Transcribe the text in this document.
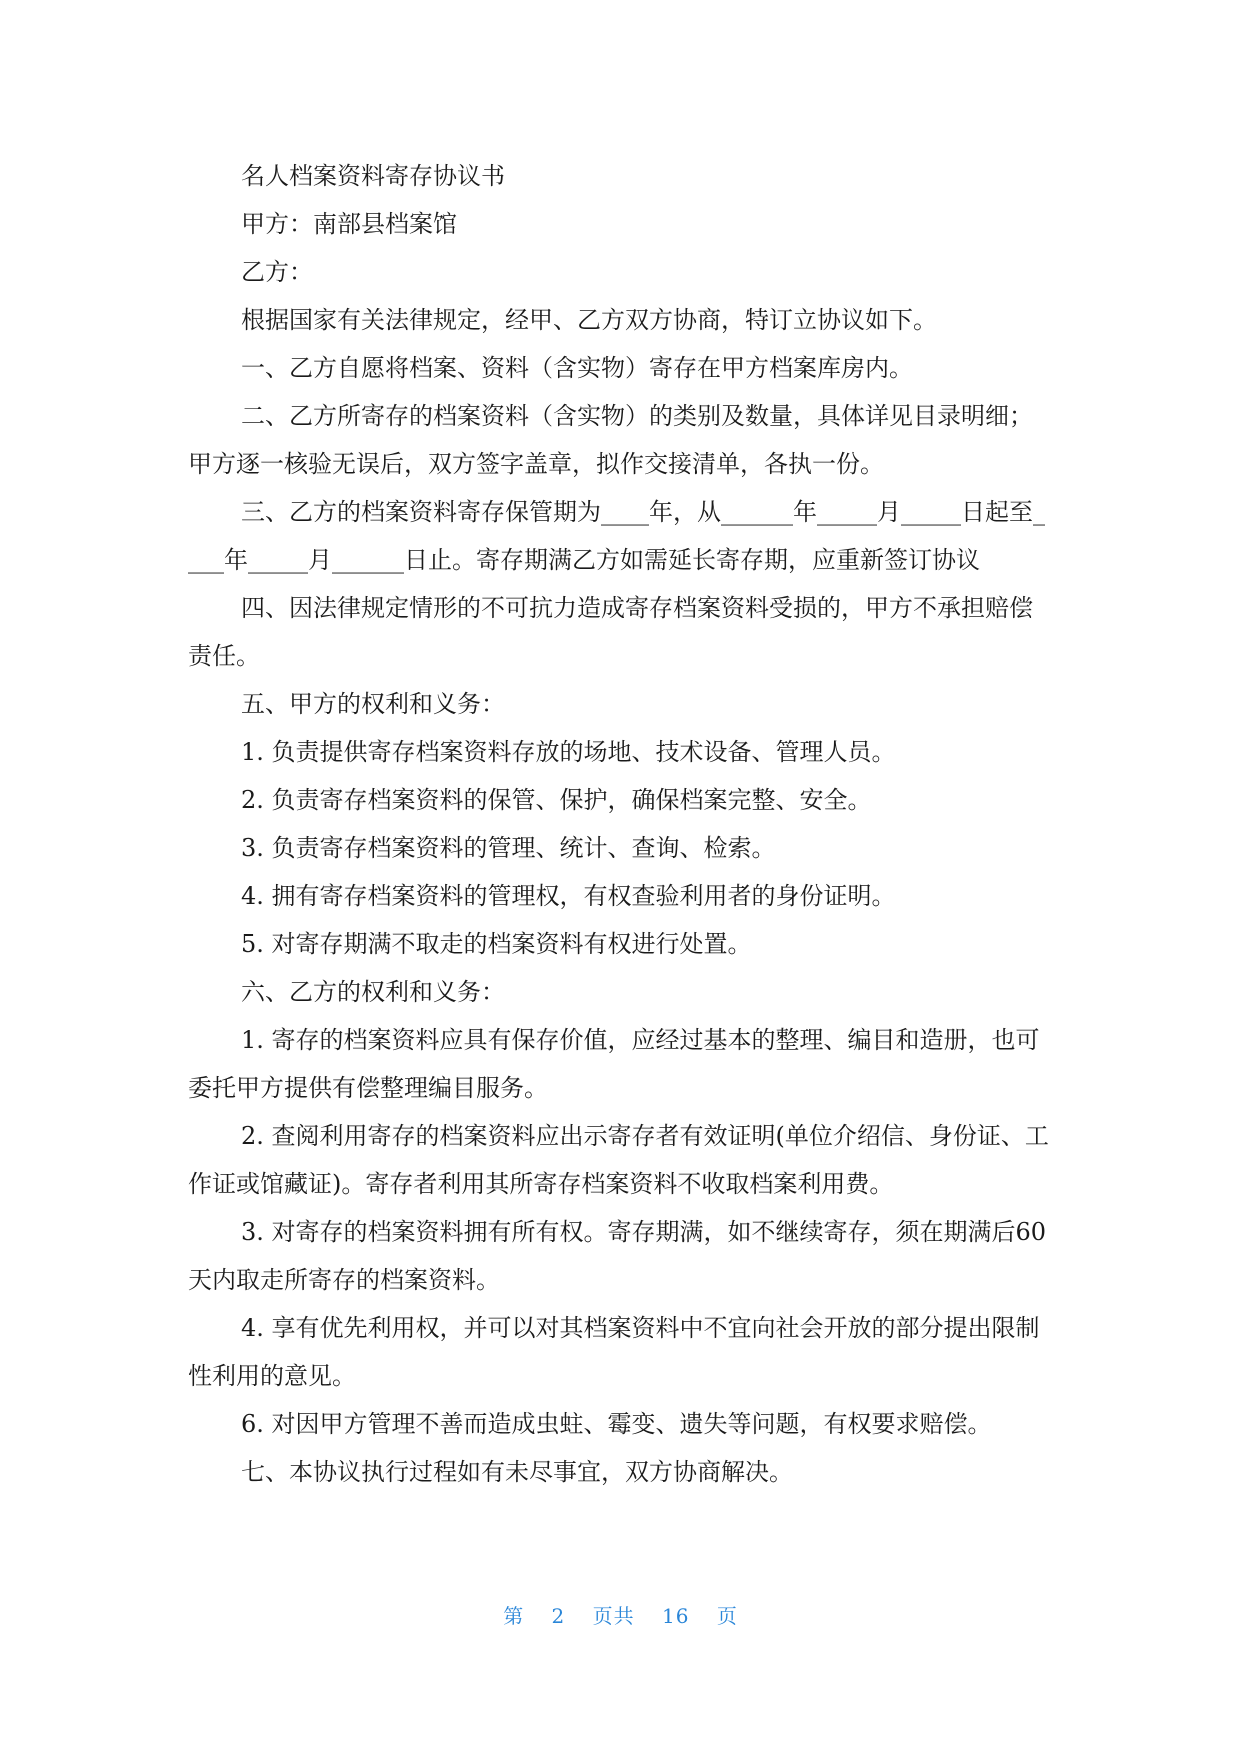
名人档案资料寄存协议书

甲方：南部县档案馆

乙方：

根据国家有关法律规定，经甲、乙方双方协商，特订立协议如下。

一、乙方自愿将档案、资料（含实物）寄存在甲方档案库房内。

二、乙方所寄存的档案资料（含实物）的类别及数量，具体详见目录明细；甲方逐一核验无误后，双方签字盖章，拟作交接清单，各执一份。

三、乙方的档案资料寄存保管期为____年，从______年_____月_____日起至____年_____月______日止。寄存期满乙方如需延长寄存期，应重新签订协议

四、因法律规定情形的不可抗力造成寄存档案资料受损的，甲方不承担赔偿责任。

五、甲方的权利和义务：

1. 负责提供寄存档案资料存放的场地、技术设备、管理人员。

2. 负责寄存档案资料的保管、保护，确保档案完整、安全。

3. 负责寄存档案资料的管理、统计、查询、检索。

4. 拥有寄存档案资料的管理权，有权查验利用者的身份证明。

5. 对寄存期满不取走的档案资料有权进行处置。

六、乙方的权利和义务：

1. 寄存的档案资料应具有保存价值，应经过基本的整理、编目和造册，也可委托甲方提供有偿整理编目服务。

2. 查阅利用寄存的档案资料应出示寄存者有效证明(单位介绍信、身份证、工作证或馆藏证)。寄存者利用其所寄存档案资料不收取档案利用费。

3. 对寄存的档案资料拥有所有权。寄存期满，如不继续寄存，须在期满后60 天内取走所寄存的档案资料。

4. 享有优先利用权，并可以对其档案资料中不宜向社会开放的部分提出限制性利用的意见。

6. 对因甲方管理不善而造成虫蛀、霉变、遗失等问题，有权要求赔偿。

七、本协议执行过程如有未尽事宜，双方协商解决。

第 2 页共 16 页
